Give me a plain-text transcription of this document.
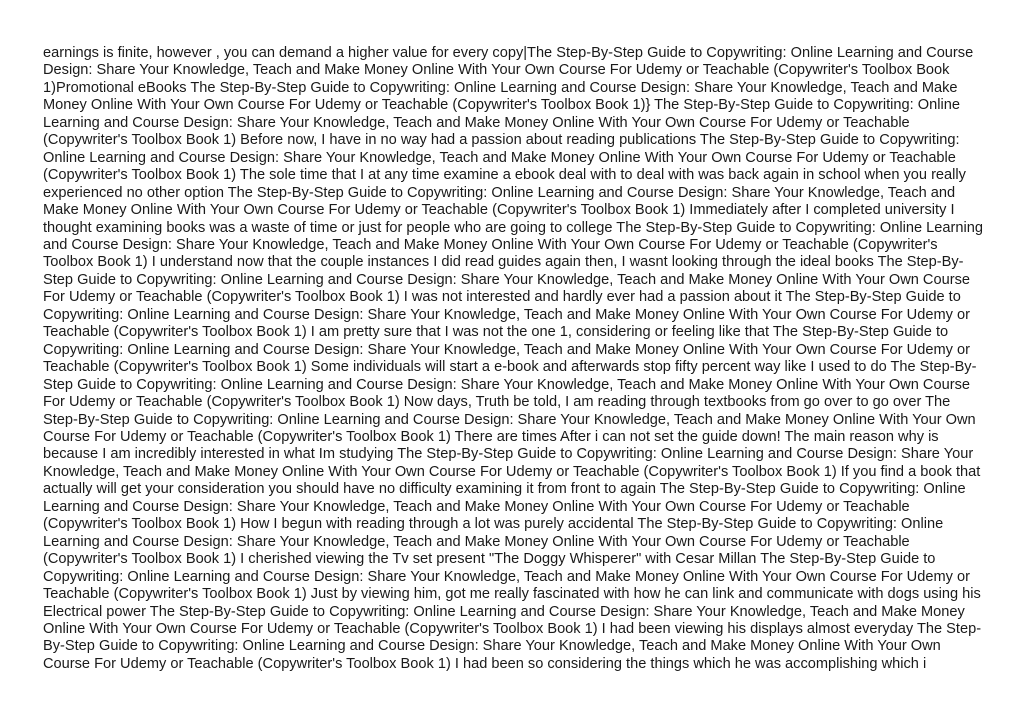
earnings is finite, however , you can demand a higher value for every copy|The Step-By-Step Guide to Copywriting: Online Learning and Course Design: Share Your Knowledge, Teach and Make Money Online With Your Own Course For Udemy or Teachable (Copywriter's Toolbox Book 1)Promotional eBooks The Step-By-Step Guide to Copywriting: Online Learning and Course Design: Share Your Knowledge, Teach and Make Money Online With Your Own Course For Udemy or Teachable (Copywriter's Toolbox Book 1)} The Step-By-Step Guide to Copywriting: Online Learning and Course Design: Share Your Knowledge, Teach and Make Money Online With Your Own Course For Udemy or Teachable (Copywriter's Toolbox Book 1) Before now, I have in no way had a passion about reading publications The Step-By-Step Guide to Copywriting: Online Learning and Course Design: Share Your Knowledge, Teach and Make Money Online With Your Own Course For Udemy or Teachable (Copywriter's Toolbox Book 1) The sole time that I at any time examine a ebook deal with to deal with was back again in school when you really experienced no other option The Step-By-Step Guide to Copywriting: Online Learning and Course Design: Share Your Knowledge, Teach and Make Money Online With Your Own Course For Udemy or Teachable (Copywriter's Toolbox Book 1) Immediately after I completed university I thought examining books was a waste of time or just for people who are going to college The Step-By-Step Guide to Copywriting: Online Learning and Course Design: Share Your Knowledge, Teach and Make Money Online With Your Own Course For Udemy or Teachable (Copywriter's Toolbox Book 1) I understand now that the couple instances I did read guides again then, I wasnt looking through the ideal books The Step-By-Step Guide to Copywriting: Online Learning and Course Design: Share Your Knowledge, Teach and Make Money Online With Your Own Course For Udemy or Teachable (Copywriter's Toolbox Book 1) I was not interested and hardly ever had a passion about it The Step-By-Step Guide to Copywriting: Online Learning and Course Design: Share Your Knowledge, Teach and Make Money Online With Your Own Course For Udemy or Teachable (Copywriter's Toolbox Book 1) I am pretty sure that I was not the one 1, considering or feeling like that The Step-By-Step Guide to Copywriting: Online Learning and Course Design: Share Your Knowledge, Teach and Make Money Online With Your Own Course For Udemy or Teachable (Copywriter's Toolbox Book 1) Some individuals will start a e-book and afterwards stop fifty percent way like I used to do The Step-By-Step Guide to Copywriting: Online Learning and Course Design: Share Your Knowledge, Teach and Make Money Online With Your Own Course For Udemy or Teachable (Copywriter's Toolbox Book 1) Now days, Truth be told, I am reading through textbooks from go over to go over The Step-By-Step Guide to Copywriting: Online Learning and Course Design: Share Your Knowledge, Teach and Make Money Online With Your Own Course For Udemy or Teachable (Copywriter's Toolbox Book 1) There are times After i can not set the guide down! The main reason why is because I am incredibly interested in what Im studying The Step-By-Step Guide to Copywriting: Online Learning and Course Design: Share Your Knowledge, Teach and Make Money Online With Your Own Course For Udemy or Teachable (Copywriter's Toolbox Book 1) If you find a book that actually will get your consideration you should have no difficulty examining it from front to again The Step-By-Step Guide to Copywriting: Online Learning and Course Design: Share Your Knowledge, Teach and Make Money Online With Your Own Course For Udemy or Teachable (Copywriter's Toolbox Book 1) How I begun with reading through a lot was purely accidental The Step-By-Step Guide to Copywriting: Online Learning and Course Design: Share Your Knowledge, Teach and Make Money Online With Your Own Course For Udemy or Teachable (Copywriter's Toolbox Book 1) I cherished viewing the Tv set present "The Doggy Whisperer" with Cesar Millan The Step-By-Step Guide to Copywriting: Online Learning and Course Design: Share Your Knowledge, Teach and Make Money Online With Your Own Course For Udemy or Teachable (Copywriter's Toolbox Book 1) Just by viewing him, got me really fascinated with how he can link and communicate with dogs using his Electrical power The Step-By-Step Guide to Copywriting: Online Learning and Course Design: Share Your Knowledge, Teach and Make Money Online With Your Own Course For Udemy or Teachable (Copywriter's Toolbox Book 1) I had been viewing his displays almost everyday The Step-By-Step Guide to Copywriting: Online Learning and Course Design: Share Your Knowledge, Teach and Make Money Online With Your Own Course For Udemy or Teachable (Copywriter's Toolbox Book 1) I had been so considering the things which he was accomplishing which i
